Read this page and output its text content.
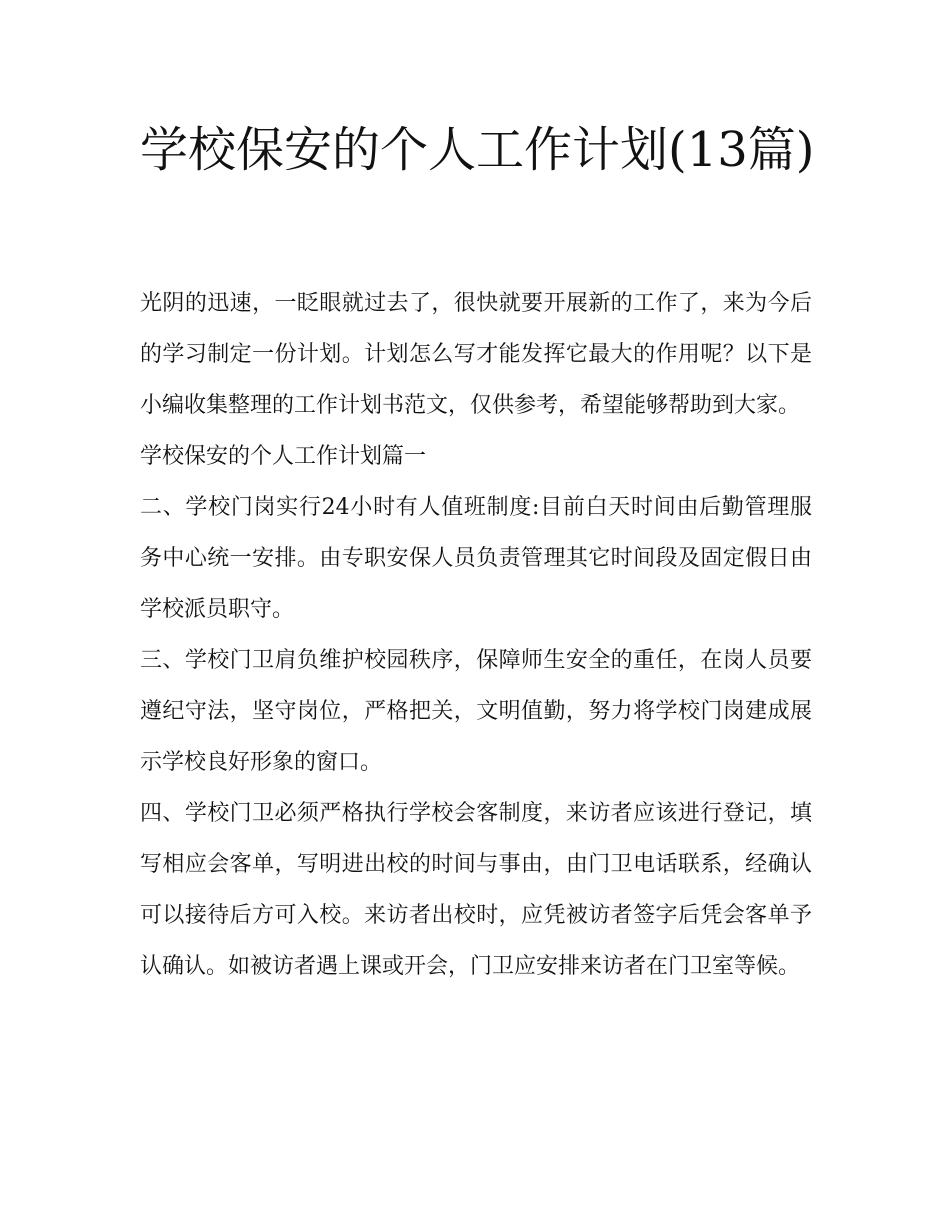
学校保安的个人工作计划(13篇)

光阴的迅速，一眨眼就过去了，很快就要开展新的工作了，来为今后的学习制定一份计划。计划怎么写才能发挥它最大的作用呢？以下是小编收集整理的工作计划书范文，仅供参考，希望能够帮助到大家。

学校保安的个人工作计划篇一

二、学校门岗实行24小时有人值班制度:目前白天时间由后勤管理服务中心统一安排。由专职安保人员负责管理其它时间段及固定假日由学校派员职守。

三、学校门卫肩负维护校园秩序，保障师生安全的重任，在岗人员要遵纪守法，坚守岗位，严格把关，文明值勤，努力将学校门岗建成展示学校良好形象的窗口。

四、学校门卫必须严格执行学校会客制度，来访者应该进行登记，填写相应会客单，写明进出校的时间与事由，由门卫电话联系，经确认可以接待后方可入校。来访者出校时，应凭被访者签字后凭会客单予认确认。如被访者遇上课或开会，门卫应安排来访者在门卫室等候。
